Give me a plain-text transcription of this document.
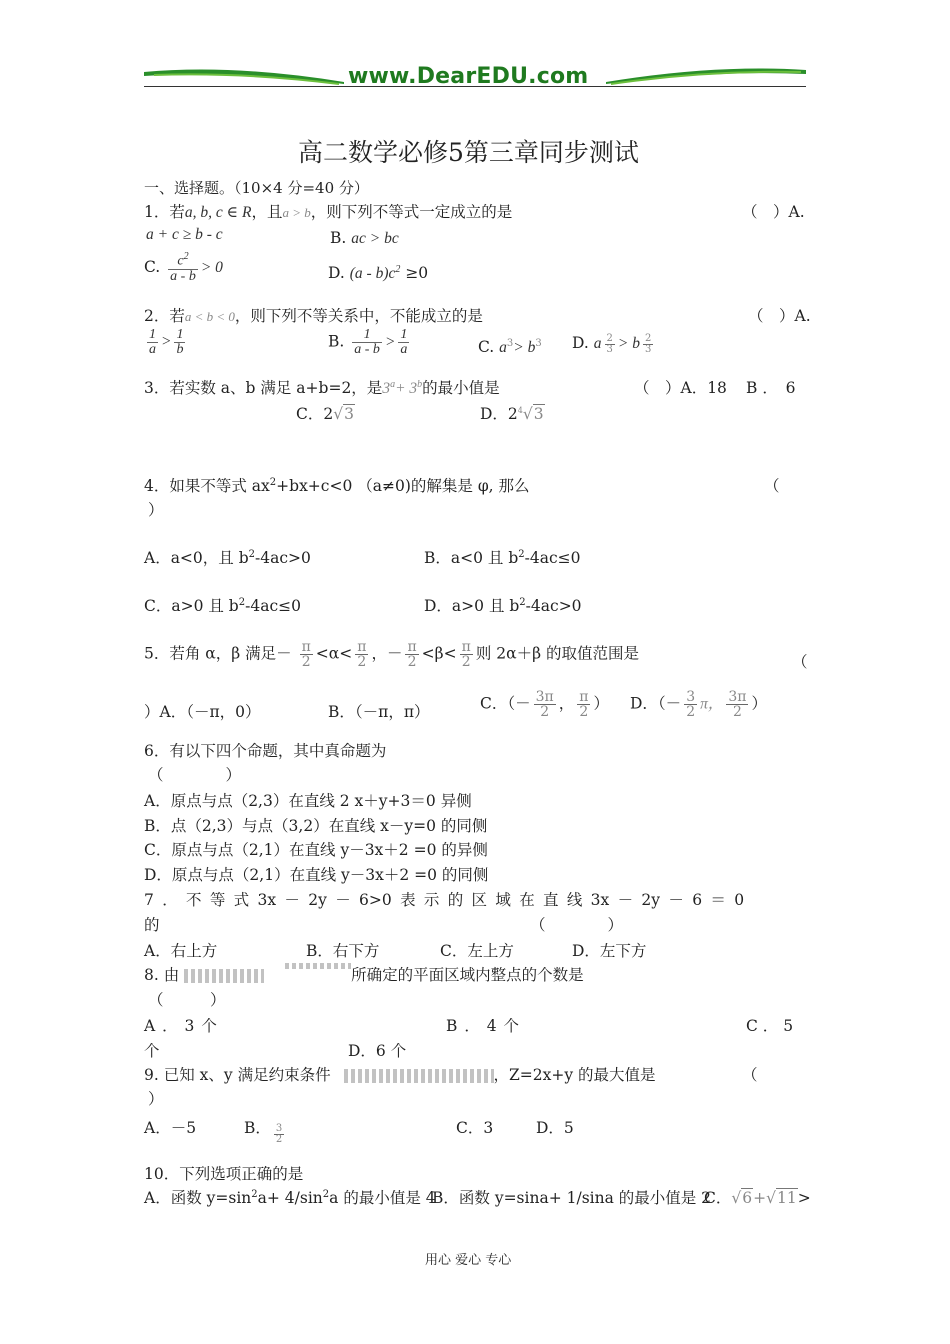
www.DearEDU.com
高二数学必修5第三章同步测试
一、选择题。（10×4 分=40 分）
1．若a, b, c ∈ R，且a > b，则下列不等式一定成立的是	（　）A.
a + c ≥ b - c	B. ac > bc
C. $\frac{c^2}{a - b} > 0$	D. $(a - b)c^2 \ge 0$
2．若a < b < 0，则下列不等关系中，不能成立的是	（　）A.
$\frac{1}{a} > \frac{1}{b}$	B. $\frac{1}{a - b} > \frac{1}{a}$	C. $a^3> b^3$ D. a $\frac{2}{3} > b \frac{2}{3}$
3．若实数 a、b 满足 a+b=2，是$3^a+ 3^b$的最小值是	（　）A．18 B ．　6
C．2√3	D．$2^4√3$
4．如果不等式 $ax^2+bx+c<0$ （a≠0)的解集是 φ, 那么	（
）
A．a<0，且 $b^2-4ac>0$	B．a<0 且 $b^2-4ac\le 0$
C．a>0 且 $b^2-4ac\le 0$	D．a>0 且 $b^2-4ac>0$
5．若角 α，β 满足－ $\frac{\pi}{2} <\alpha< \frac{\pi}{2}$ ，－ $\frac{\pi}{2} <\beta< \frac{\pi}{2}$ 则 2α＋β 的取值范围是	（
）A．（－π，0）	B．（－π，π）	C．（－ $\frac{3\pi}{2}$ ， $\frac{\pi}{2}$ ） D．（－ $\frac{3}{2}$ π， $\frac{3\pi}{2}$ ）
6．有以下四个命题，其中真命题为
（　　　　）
A．原点与点（2,3）在直线 2 x＋y+3＝0 异侧
B．点（2,3）与点（3,2）在直线 x－y=0 的同侧
C．原点与点（2,1）在直线 y－3x＋2 =0 的异侧
D．原点与点（2,1）在直线 y－3x＋2 =0 的同侧
7 ． 不 等 式 3x － 2y － 6>0 表 示 的 区 域 在 直 线 3x － 2y － 6 ＝ 0
的	（　　　　）
A．右上方	B．右下方	C．左上方	D．左下方
8. 由	所确定的平面区域内整点的个数是
（　　　）
A ． 3 个	B ． 4 个	C ． 5
个	D．6 个
9. 已知 x、y 满足约束条件	，Z=2x+y 的最大值是	（
）
A．－5	B． $\frac{3}{2}$	C．3	D．5
10．下列选项正确的是
A．函数 $y=\sin^2a+ 4/\sin^2a$ 的最小值是 4
B．函数 y=sina+ 1/sina 的最小值是 2
C．√6+√11>
用心 爱心 专心
